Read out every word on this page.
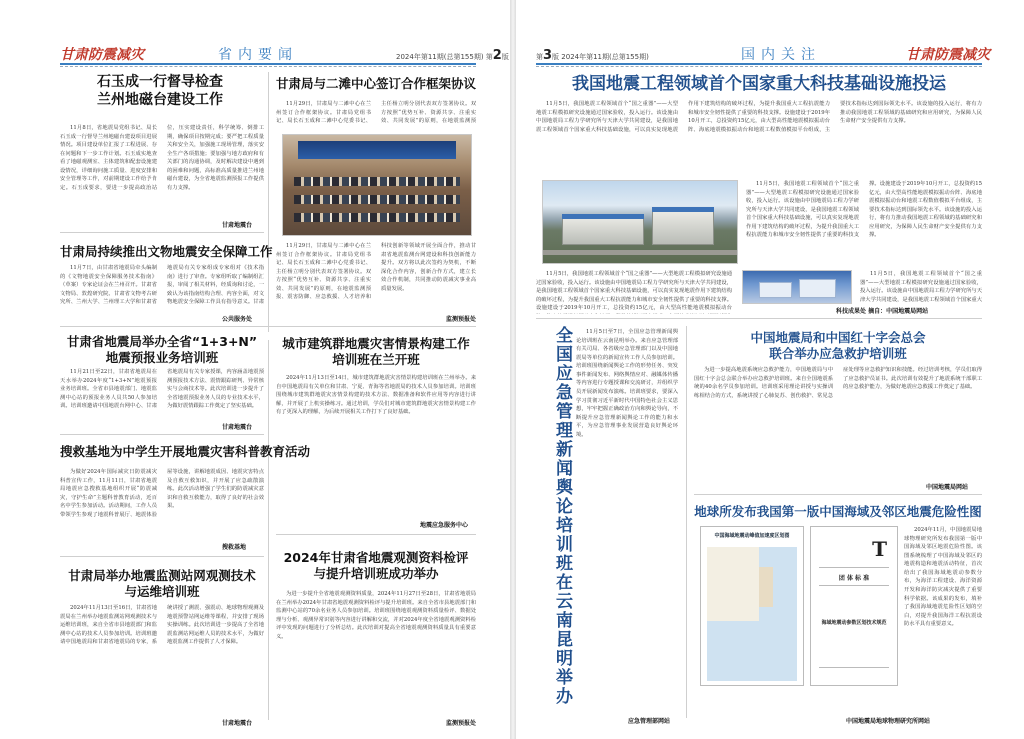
甘肃防震减灾	省内要闻	2024年第11期(总第155期) 第2版
石玉成一行督导检查
兰州地磁台建设工作
11月8日，省地震局党组书记、局长石玉成一行督导兰州地磁台建设项目进展情况。项目建设单位汇报了工程进展、存在问题和下一步工作计划。石玉成实地查看了地磁观测室、主体建筑和配套设施建设情况，详细询问施工质量、进度安排和安全管理等工作，对前期建设工作给予肯定。石玉成要求，要进一步提高政治站位，压实建设责任，科学统筹、倒排工期，确保项目按期完成；要严把工程质量关和安全关，加强施工现场管理，落实安全生产各项措施；要加强与地方政府和有关部门的沟通协调，及时解决建设中遇到的困难和问题，高标准高质量推进兰州地磁台建设，为全省地震监测预报工作提供有力支撑。
甘肃地震台
甘肃局持续推出文物地震安全保障工作
11月7日，由甘肃省地震局牵头编制的《文物地震安全保障服务技术指南》（草案）专家论证会在兰州召开。甘肃省文物局、敦煌研究院、甘肃省文物考古研究所、兰州大学、兰州理工大学和甘肃省地震局有关专家组成专家组对《技术指南》进行了审查。专家组听取了编制组汇报，审阅了相关材料，经质询和讨论，一致认为该指南结构合理、内容全面，对文物地震安全保障工作具有指导意义。甘肃
公共服务处
甘肃局与二滩中心签订合作框架协议
11月29日，甘肃局与二滩中心在兰州签订合作框架协议。甘肃局党组书记、局长石玉成和二滩中心党委书记、主任杨立明分别代表双方签署协议。双方按照“优势互补、资源共享、注重实效、共同发展”的原则，在地震监测预
11月29日，甘肃局与二滩中心在兰州签订合作框架协议。甘肃局党组书记、局长石玉成和二滩中心党委书记、主任杨立明分别代表双方签署协议。双方按照“优势互补、资源共享、注重实效、共同发展”的原则，在地震监测预报、震害防御、应急救援、人才培养和科技创新等领域开展全面合作，推动甘肃省地震监测台网建设和科技创新能力提升。双方将以此次签约为契机，不断深化合作内容，创新合作方式，建立长效合作机制，共同推动防震减灾事业高质量发展。
监测预报处
甘肃省地震局举办全省“1+3+N”
地震预报业务培训班
11月21日至22日，甘肃省地震局在天水举办2024年度“1+3+N”地震预报业务培训班。全省市县地震部门、地震监测中心站的预报业务人员共50人参加培训。培训班邀请中国地震台网中心、甘肃省地震局有关专家授课，内容涵盖地震预测预报技术方法、震情跟踪研判、异常核实与会商技术等。此次培训进一步提升了全省地震预报业务人员的专业技术水平，为做好震情跟踪工作奠定了坚实基础。
甘肃地震台
搜救基地为中学生开展地震灾害科普教育活动
为做好2024年国际减灾日防震减灾科普宣传工作，11月11日，甘肃省地震局地震应急搜救基地组织开展“防震减灾，守护生命”主题科普教育活动，近百名中学生参加活动。活动期间，工作人员带领学生参观了地震科普展厅、地震体验屋等设施，讲解地震成因、地震灾害特点及自救互救知识，并开展了应急疏散演练。此次活动增强了学生们的防震减灾意识和自救互救能力，取得了良好的社会效果。
搜救基地
甘肃局举办地震监测站网观测技术
与运维培训班
2024年11月13日至16日，甘肃省地震局在兰州举办地震监测站网观测技术与运维培训班，来自全省市县地震部门和监测中心站的技术人员参加培训。培训班邀请中国地震局和甘肃省地震局的专家，系统讲授了测震、强震动、地球物理观测及地震预警站网运维等课程，并安排了现场实操训练。此次培训进一步提高了全省地震监测站网运维人员的技术水平，为做好地震监测工作提供了人才保障。
甘肃地震台
城市建筑群地震灾害情景构建工作
培训班在兰开班
2024年11月13日至14日，城市建筑群地震灾害情景构建培训班在兰州举办。来自中国地震局有关单位和甘肃、宁夏、青海等省地震局的技术人员参加培训。培训班围绕城市建筑群地震灾害情景构建的技术方法、数据准备和软件应用等内容进行讲解，并开展了上机实操练习。通过培训，学员们对城市建筑群地震灾害情景构建工作有了更深入的理解，为后续开展相关工作打下了良好基础。
地震应急服务中心
2024年甘肃省地震观测资料检评
与提升培训班成功举办
为进一步提升全省地震观测资料质量，2024年11月27日至28日，甘肃省地震局在兰州举办2024年甘肃省地震观测资料检评与提升培训班。来自全省市县地震部门和监测中心站的70余名业务人员参加培训。培训班围绕地震观测资料质量检评、数据处理与分析、观测异常识别等内容进行讲解和交流，并对2024年度全省地震观测资料检评中发现的问题进行了分析总结。此次培训对提高全省地震观测资料质量具有重要意义。
监测预报处
第3版 2024年第11期(总第155期)	国内关注	甘肃防震减灾
我国地震工程领域首个国家重大科技基础设施投运
11月5日，我国地震工程领域首个“国之重器”——大型地震工程模拟研究设施通过国家验收，投入运行。该设施由中国地震局工程力学研究所与天津大学共同建设，是我国地震工程领域首个国家重大科技基础设施，可以真实复现地震作用下建筑结构的破坏过程，为提升我国重大工程抗震能力和城市安全韧性提供了重要的科技支撑。设施建设于2019年10月开工，总投资约15亿元，由大型高性能地震模拟振动台阵、海底地震模拟振动台和地震工程数值模拟平台组成，主要技术指标达到国际领先水平。该设施的投入运行，将有力推动我国地震工程领域的基础研究和应用研究，为保障人民生命财产安全提供有力支撑。
11月5日，我国地震工程领域首个“国之重器”——大型地震工程模拟研究设施通过国家验收，投入运行。该设施由中国地震局工程力学研究所与天津大学共同建设，是我国地震工程领域首个国家重大科技基础设施，可以真实复现地震作用下建筑结构的破坏过程，为提升我国重大工程抗震能力和城市安全韧性提供了重要的科技支撑。设施建设于2019年10月开工，总投资约15亿元，由大型高性能地震模拟振动台阵、海底地震模拟振动台和地震工程数值模拟平台组成，主要技术指标达到国际领先水平。该设施的投入运行，将有力推动我国地震工程领域的基础研究和应用研究，为保障人民生命财产安全提供有力支撑。
11月5日，我国地震工程领域首个“国之重器”——大型地震工程模拟研究设施通过国家验收，投入运行。该设施由中国地震局工程力学研究所与天津大学共同建设，是我国地震工程领域首个国家重大科技基础设施，可以真实复现地震作用下建筑结构的破坏过程，为提升我国重大工程抗震能力和城市安全韧性提供了重要的科技支撑。设施建设于2019年10月开工，总投资约15亿元，由大型高性能地震模拟振动台
11月5日，我国地震工程领域首个“国之重器”——大型地震工程模拟研究设施通过国家验收，投入运行。该设施由中国地震局工程力学研究所与天津大学共同建设，是我国地震工程领域首个国家重大
科技成果处 摘自：中国地震局网站
全国应急管理新闻舆论培训班在云南昆明举办	11月5日至7日，全国应急管理新闻舆论培训班在云南昆明举办。来自应急管理部有关司局、各省级应急管理部门以及中国地震局等单位的新闻宣传工作人员参加培训。培训班围绕新闻舆论工作的形势任务、突发事件新闻发布、网络舆情应对、融媒体传播等内容进行专题授课和交流研讨，并组织学员开展新闻发布演练。培训班要求，要深入学习贯彻习近平新时代中国特色社会主义思想，牢牢把握正确政治方向和舆论导向，不断提升应急管理新闻舆论工作的能力和水平，为应急管理事业发展营造良好舆论环境。
应急管理部网站
中国地震局和中国红十字会总会
联合举办应急救护培训班
为进一步提高地震系统应急救护能力，中国地震局与中国红十字会总会联合举办应急救护培训班。来自全国地震系统的40余名学员参加培训。培训班采用理论讲授与实操训练相结合的方式，系统讲授了心肺复苏、创伤救护、常见急症处理等应急救护知识和技能。经过培训考核，学员们取得了应急救护员证书。此次培训有效提升了地震系统干部职工的应急救护能力，为做好地震应急救援工作奠定了基础。
中国地震局网站
地球所发布我国第一版中国海域及邻区地震危险性图
中国海域地震动峰值加速度区划图
T
团 体 标 准
海域地震动参数区划技术规范
2024年11月，中国地震局地球物理研究所发布我国第一版中国海域及邻区地震危险性图。该图系统梳理了中国海域及邻区的地震构造和地震活动特征，首次给出了我国海域地震动参数分布，为海洋工程建设、海洋资源开发和海洋防灾减灾提供了重要科学依据。该成果的发布，填补了我国海域地震危险性区划的空白，对提升我国海洋工程抗震设防水平具有重要意义。
中国地震局地球物理研究所网站
